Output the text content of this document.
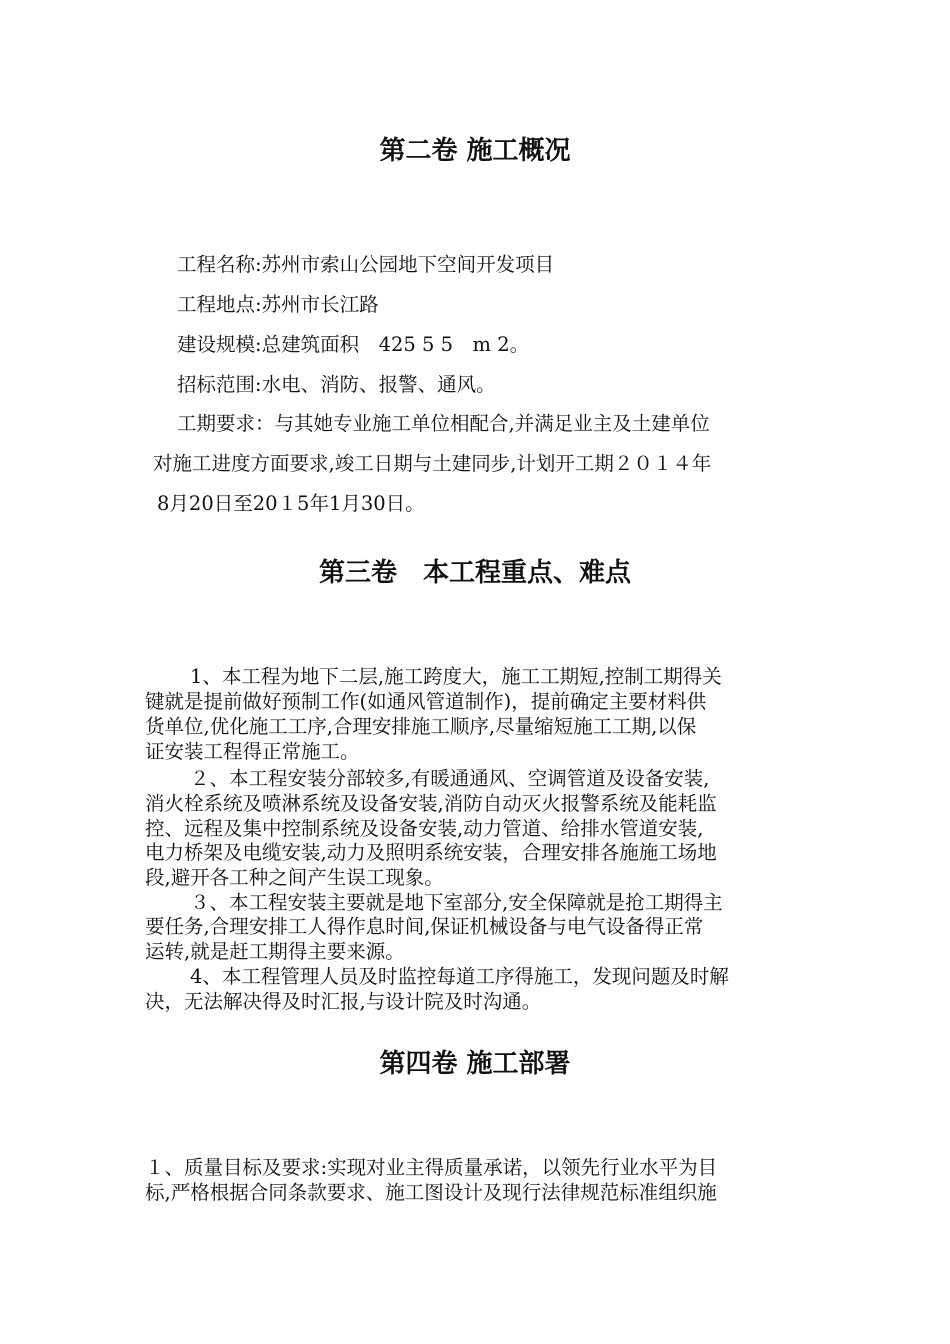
第二卷 施工概况
工程名称:苏州市索山公园地下空间开发项目
工程地点:苏州市长江路
建设规模:总建筑面积　425 5 5　m 2。
招标范围:水电、消防、报警、通风。
工期要求：与其她专业施工单位相配合,并满足业主及土建单位
对施工进度方面要求,竣工日期与土建同步,计划开工期２０１４年
8月20日至20１5年1月30日。
第三卷　本工程重点、难点
1、本工程为地下二层,施工跨度大，施工工期短,控制工期得关
键就是提前做好预制工作(如通风管道制作)，提前确定主要材料供
货单位,优化施工工序,合理安排施工顺序,尽量缩短施工工期,以保
证安装工程得正常施工。
２、本工程安装分部较多,有暖通通风、空调管道及设备安装,
消火栓系统及喷淋系统及设备安装,消防自动灭火报警系统及能耗监
控、远程及集中控制系统及设备安装,动力管道、给排水管道安装,
电力桥架及电缆安装,动力及照明系统安装，合理安排各施施工场地
段,避开各工种之间产生误工现象。
３、本工程安装主要就是地下室部分,安全保障就是抢工期得主
要任务,合理安排工人得作息时间,保证机械设备与电气设备得正常
运转,就是赶工期得主要来源。
4、本工程管理人员及时监控每道工序得施工，发现问题及时解
决，无法解决得及时汇报,与设计院及时沟通。
第四卷 施工部署
１、质量目标及要求:实现对业主得质量承诺，以领先行业水平为目
标,严格根据合同条款要求、施工图设计及现行法律规范标准组织施
